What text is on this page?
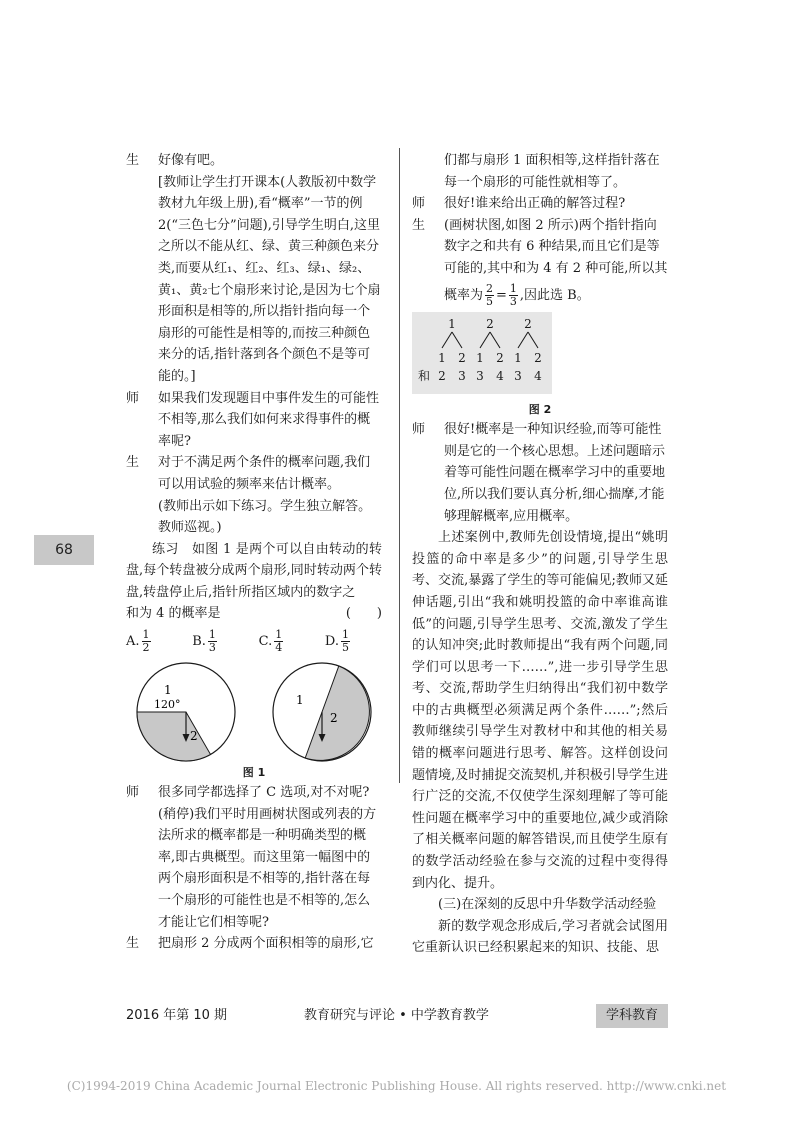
68
生 好像有吧。
[教师让学生打开课本(人教版初中数学教材九年级上册),看“概率”一节的例 2(“三色七分”问题),引导学生明白,这里之所以不能从红、绿、黄三种颜色来分类,而要从红₁、红₂、红₃、绿₁、绿₂、黄₁、黄₂七个扇形来讨论,是因为七个扇形面积是相等的,所以指针指向每一个扇形的可能性是相等的,而按三种颜色来分的话,指针落到各个颜色不是等可能的。]
师 如果我们发现题目中事件发生的可能性不相等,那么我们如何来求得事件的概率呢?
生 对于不满足两个条件的概率问题,我们可以用试验的频率来估计概率。
(教师出示如下练习。学生独立解答。教师巡视。)
练习　如图 1 是两个可以自由转动的转盘,每个转盘被分成两个扇形,同时转动两个转盘,转盘停止后,指针所指区域内的数字之
和为 4 的概率是	(　　)
A. $\frac{1}{2}$	B. $\frac{1}{3}$	C. $\frac{1}{4}$	D. $\frac{1}{5}$
1
120°
2
1
2
图 1
师 很多同学都选择了 C 选项,对不对呢?(稍停)我们平时用画树状图或列表的方法所求的概率都是一种明确类型的概率,即古典概型。而这里第一幅图中的两个扇形面积是不相等的,指针落在每一个扇形的可能性也是不相等的,怎么才能让它们相等呢?
生 把扇形 2 分成两个面积相等的扇形,它
们都与扇形 1 面积相等,这样指针落在每一个扇形的可能性就相等了。
师 很好!谁来给出正确的解答过程?
生 (画树状图,如图 2 所示)两个指针指向数字之和共有 6 种结果,而且它们是等可能的,其中和为 4 有 2 种可能,所以其
概率为 $\frac{2}{5} = \frac{1}{3}$ ,因此选 B。
1	2	2
1 2 1 2 1 2
和 2 3 3 4 3 4
图 2
师 很好!概率是一种知识经验,而等可能性则是它的一个核心思想。上述问题暗示着等可能性问题在概率学习中的重要地位,所以我们要认真分析,细心揣摩,才能够理解概率,应用概率。
上述案例中,教师先创设情境,提出“姚明投篮的命中率是多少”的问题,引导学生思考、交流,暴露了学生的等可能偏见;教师又延伸话题,引出“我和姚明投篮的命中率谁高谁低”的问题,引导学生思考、交流,激发了学生的认知冲突;此时教师提出“我有两个问题,同学们可以思考一下……”,进一步引导学生思考、交流,帮助学生归纳得出“我们初中数学中的古典概型必须满足两个条件……”;然后教师继续引导学生对教材中和其他的相关易错的概率问题进行思考、解答。这样创设问题情境,及时捕捉交流契机,并积极引导学生进行广泛的交流,不仅使学生深刻理解了等可能性问题在概率学习中的重要地位,减少或消除了相关概率问题的解答错误,而且使学生原有的数学活动经验在参与交流的过程中变得得到内化、提升。
(三)在深刻的反思中升华数学活动经验
新的数学观念形成后,学习者就会试图用它重新认识已经积累起来的知识、技能、思
2016 年第 10 期	教育研究与评论 • 中学教育教学	学科教育
(C)1994-2019 China Academic Journal Electronic Publishing House. All rights reserved. http://www.cnki.net
